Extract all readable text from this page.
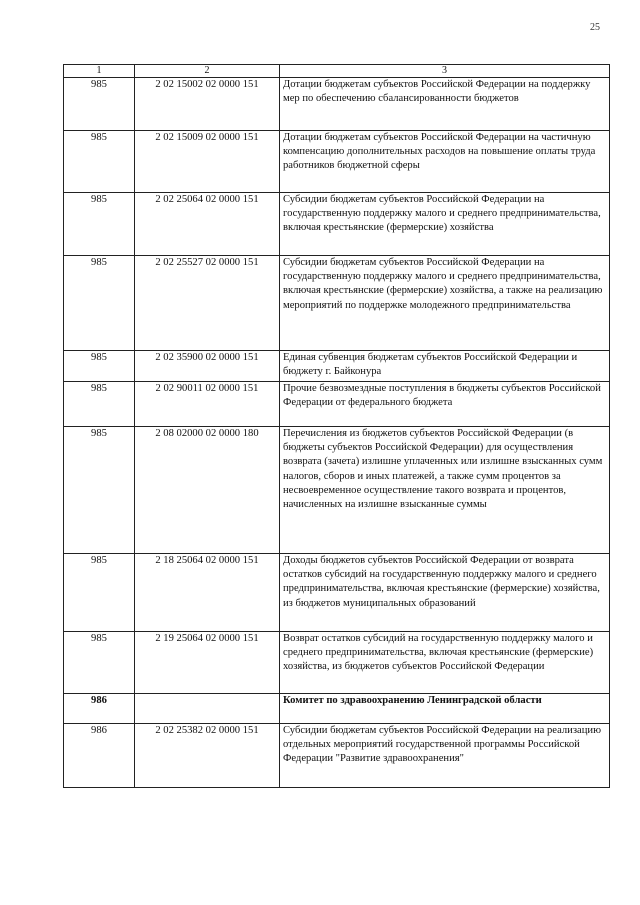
25
1	2	3
985	2 02 15002 02 0000 151	Дотации бюджетам субъектов Российской Федерации на поддержку мер по обеспечению сбалансированности бюджетов
985	2 02 15009 02 0000 151	Дотации бюджетам субъектов Российской Федерации на частичную компенсацию дополнительных расходов на повышение оплаты труда работников бюджетной сферы
985	2 02 25064 02 0000 151	Субсидии бюджетам субъектов Российской Федерации на государственную поддержку малого и среднего предпринимательства, включая крестьянские (фермерские) хозяйства
985	2 02 25527 02 0000 151	Субсидии бюджетам субъектов Российской Федерации на государственную поддержку малого и среднего предпринимательства, включая крестьянские (фермерские) хозяйства, а также на реализацию мероприятий по поддержке молодежного предпринимательства
985	2 02 35900 02 0000 151	Единая субвенция бюджетам субъектов Российской Федерации и бюджету г. Байконура
985	2 02 90011 02 0000 151	Прочие безвозмездные поступления в бюджеты субъектов Российской Федерации от федерального бюджета
985	2 08 02000 02 0000 180	Перечисления из бюджетов субъектов Российской Федерации (в бюджеты субъектов Российской Федерации) для осуществления возврата (зачета) излишне уплаченных или излишне взысканных сумм налогов, сборов и иных платежей, а также сумм процентов за несвоевременное осуществление такого возврата и процентов, начисленных на излишне взысканные суммы
985	2 18 25064 02 0000 151	Доходы бюджетов субъектов Российской Федерации от возврата остатков субсидий на государственную поддержку малого и среднего предпринимательства, включая крестьянские (фермерские) хозяйства, из бюджетов муниципальных образований
985	2 19 25064 02 0000 151	Возврат остатков субсидий на государственную поддержку малого и среднего предпринимательства, включая крестьянские (фермерские) хозяйства, из бюджетов субъектов Российской Федерации
986		Комитет по здравоохранению Ленинградской области
986	2 02 25382 02 0000 151	Субсидии бюджетам субъектов Российской Федерации на реализацию отдельных мероприятий государственной программы Российской Федерации "Развитие здравоохранения"
